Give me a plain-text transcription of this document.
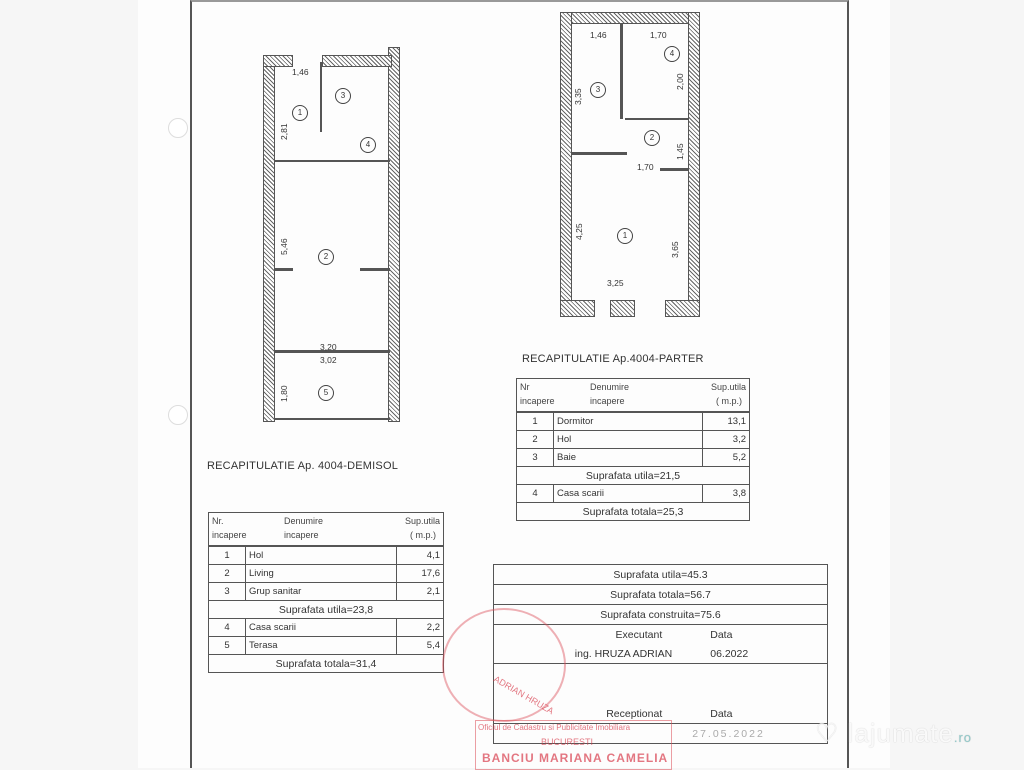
1,46
2,81
5,46
3,20
3,02
1,80
1
3
4
2
5
1,46	1,70
3,35
2,00
1,45
1,70
4,25
3,65
3,25
3
4
2
1
RECAPITULATIE Ap.4004-PARTER
Nr
incapere
Denumire
incapere
Sup.utila
( m.p.)

1	Dormitor	13,1
2	Hol	3,2
3	Baie	5,2
Suprafata utila=21,5		
4	Casa scarii	3,8
Suprafata totala=25,3		
RECAPITULATIE Ap. 4004-DEMISOL
Nr.
incapere
Denumire
incapere
Sup.utila
( m.p.)

1	Hol	4,1
2	Living	17,6
3	Grup sanitar	2,1
Suprafata utila=23,8		
4	Casa scarii	2,2
5	Terasa	5,4
Suprafata totala=31,4		
Suprafata utila=45.3	
Suprafata totala=56.7	
Suprafata construita=75.6	
Executant	Data
ing. HRUZA ADRIAN	06.2022

Receptionat	Data
	27.05.2022
ADRIAN HRUZA
Oficiul de Cadastru si Publicitate Imobiliara
BUCURESTI
BANCIU MARIANA CAMELIA
♡ lajumate.ro
